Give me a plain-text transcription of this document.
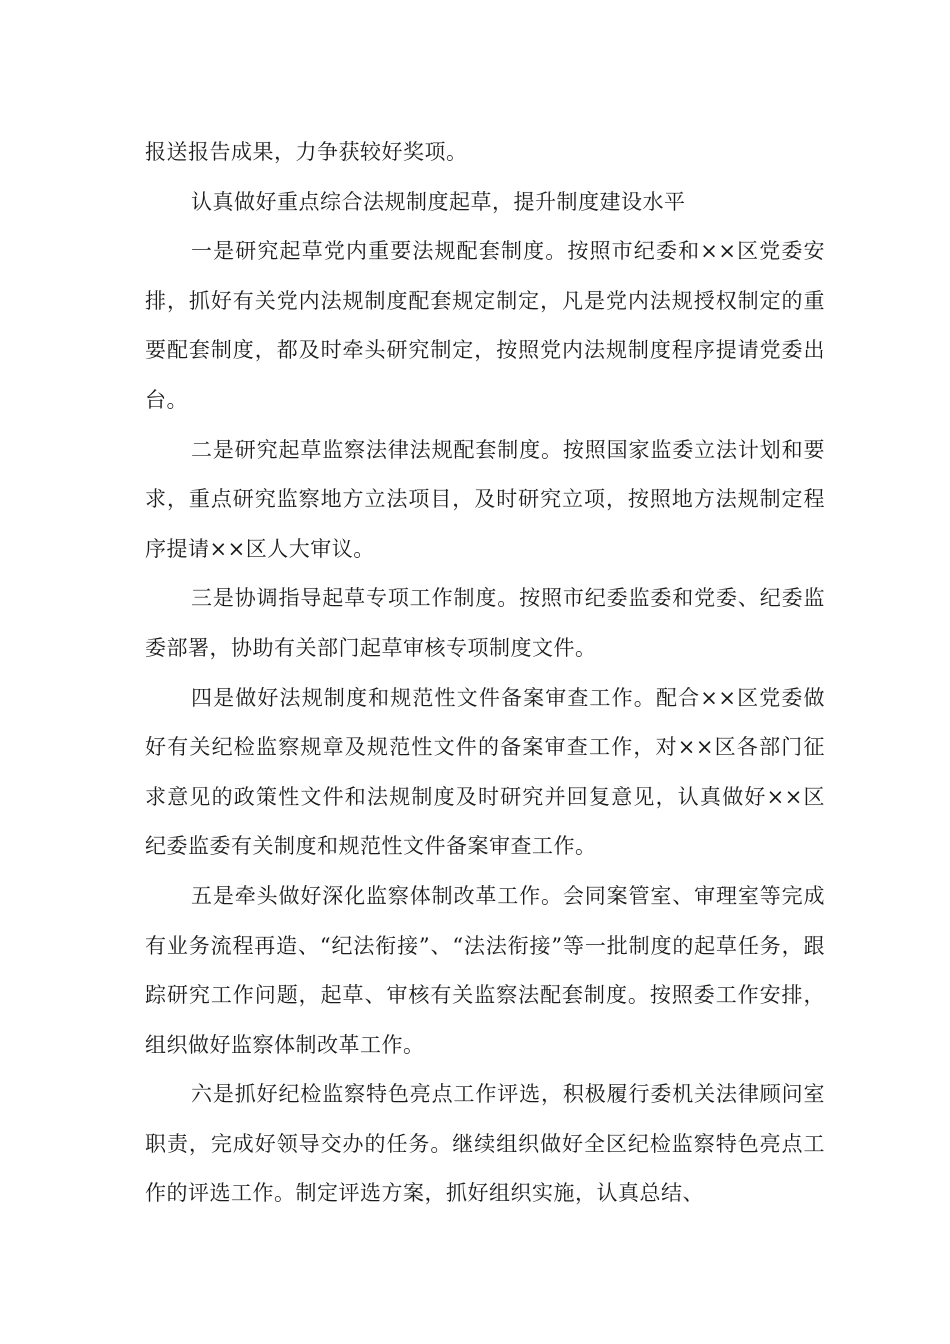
报送报告成果，力争获较好奖项。

认真做好重点综合法规制度起草，提升制度建设水平

一是研究起草党内重要法规配套制度。按照市纪委和××区党委安排，抓好有关党内法规制度配套规定制定，凡是党内法规授权制定的重要配套制度，都及时牵头研究制定，按照党内法规制度程序提请党委出台。

二是研究起草监察法律法规配套制度。按照国家监委立法计划和要求，重点研究监察地方立法项目，及时研究立项，按照地方法规制定程序提请××区人大审议。

三是协调指导起草专项工作制度。按照市纪委监委和党委、纪委监委部署，协助有关部门起草审核专项制度文件。

四是做好法规制度和规范性文件备案审查工作。配合××区党委做好有关纪检监察规章及规范性文件的备案审查工作，对××区各部门征求意见的政策性文件和法规制度及时研究并回复意见，认真做好××区纪委监委有关制度和规范性文件备案审查工作。

五是牵头做好深化监察体制改革工作。会同案管室、审理室等完成有业务流程再造、“纪法衔接”、“法法衔接”等一批制度的起草任务，跟踪研究工作问题，起草、审核有关监察法配套制度。按照委工作安排，组织做好监察体制改革工作。

六是抓好纪检监察特色亮点工作评选，积极履行委机关法律顾问室职责，完成好领导交办的任务。继续组织做好全区纪检监察特色亮点工作的评选工作。制定评选方案，抓好组织实施，认真总结、
